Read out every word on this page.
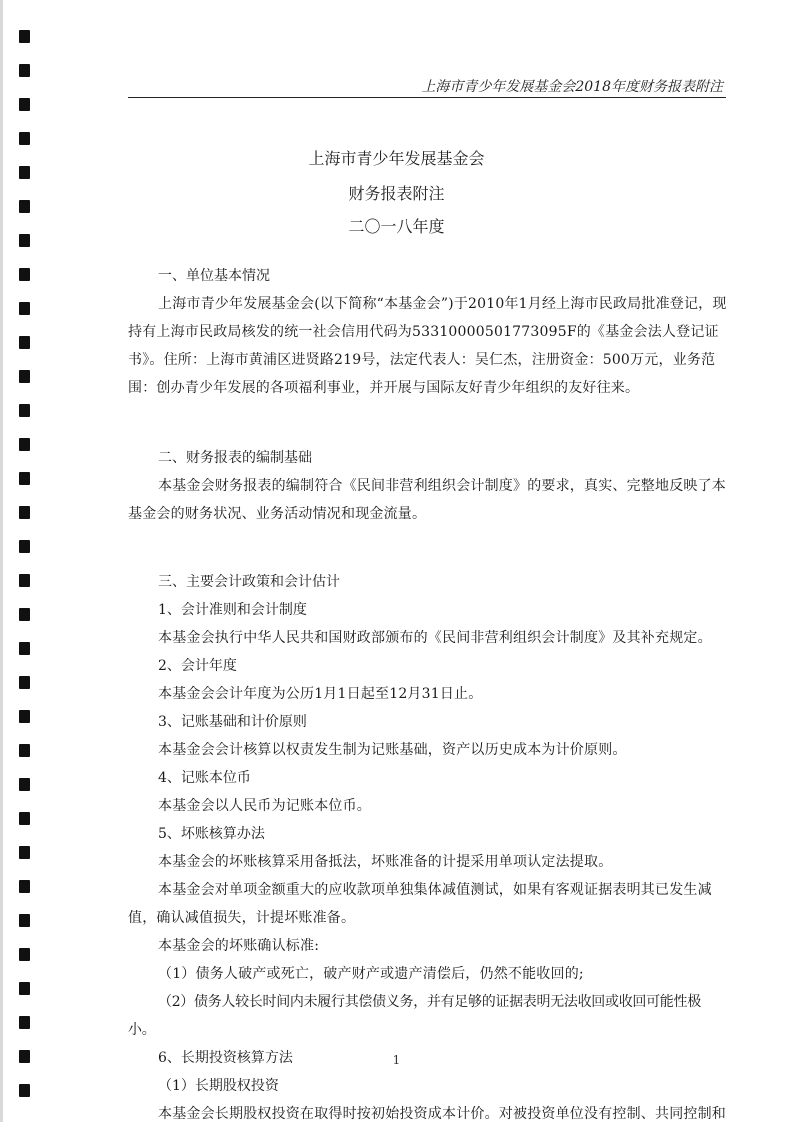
上海市青少年发展基金会2018年度财务报表附注
上海市青少年发展基金会
财务报表附注
二〇一八年度

一、单位基本情况

上海市青少年发展基金会(以下简称“本基金会”)于2010年1月经上海市民政局批准登记，现持有上海市民政局核发的统一社会信用代码为53310000501773095F的《基金会法人登记证书》。住所：上海市黄浦区进贤路219号，法定代表人：吴仁杰，注册资金：500万元，业务范围：创办青少年发展的各项福利事业，并开展与国际友好青少年组织的友好往来。

二、财务报表的编制基础

本基金会财务报表的编制符合《民间非营利组织会计制度》的要求，真实、完整地反映了本基金会的财务状况、业务活动情况和现金流量。

三、主要会计政策和会计估计

1、会计准则和会计制度

本基金会执行中华人民共和国财政部颁布的《民间非营利组织会计制度》及其补充规定。

2、会计年度

本基金会会计年度为公历1月1日起至12月31日止。

3、记账基础和计价原则

本基金会会计核算以权责发生制为记账基础，资产以历史成本为计价原则。

4、记账本位币

本基金会以人民币为记账本位币。

5、坏账核算办法

本基金会的坏账核算采用备抵法，坏账准备的计提采用单项认定法提取。

本基金会对单项金额重大的应收款项单独集体减值测试，如果有客观证据表明其已发生减值，确认减值损失，计提坏账准备。

本基金会的坏账确认标准:

（1）债务人破产或死亡，破产财产或遗产清偿后，仍然不能收回的;

（2）债务人较长时间内未履行其偿债义务，并有足够的证据表明无法收回或收回可能性极小。

6、长期投资核算方法

（1）长期股权投资

本基金会长期股权投资在取得时按初始投资成本计价。对被投资单位没有控制、共同控制和

1
